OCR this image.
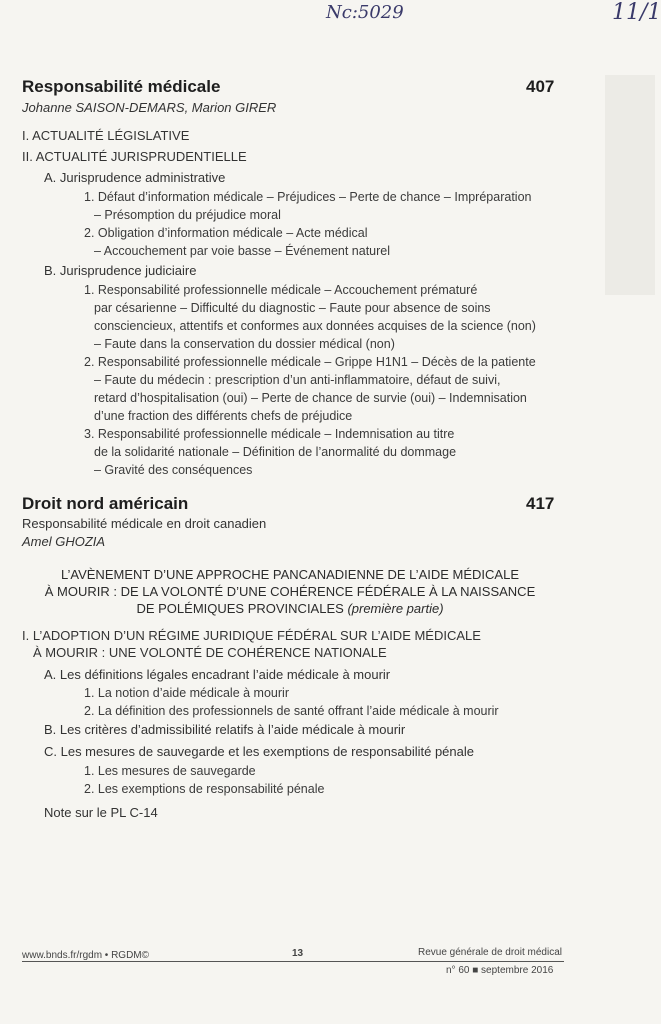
Nc:5029	11/1
Responsabilité médicale	407
Johanne SAISON-DEMARS, Marion GIRER
I. ACTUALITÉ LÉGISLATIVE
II. ACTUALITÉ JURISPRUDENTIELLE
A. Jurisprudence administrative
1. Défaut d’information médicale – Préjudices – Perte de chance – Impréparation
– Présomption du préjudice moral
2. Obligation d’information médicale – Acte médical
– Accouchement par voie basse – Événement naturel
B. Jurisprudence judiciaire
1. Responsabilité professionnelle médicale – Accouchement prématuré
par césarienne – Difficulté du diagnostic – Faute pour absence de soins
consciencieux, attentifs et conformes aux données acquises de la science (non)
– Faute dans la conservation du dossier médical (non)
2. Responsabilité professionnelle médicale – Grippe H1N1 – Décès de la patiente
– Faute du médecin : prescription d’un anti-inflammatoire, défaut de suivi,
retard d’hospitalisation (oui) – Perte de chance de survie (oui) – Indemnisation
d’une fraction des différents chefs de préjudice
3. Responsabilité professionnelle médicale – Indemnisation au titre
de la solidarité nationale – Définition de l’anormalité du dommage
– Gravité des conséquences
Droit nord américain	417
Responsabilité médicale en droit canadien
Amel GHOZIA
L’AVÈNEMENT D’UNE APPROCHE PANCANADIENNE DE L’AIDE MÉDICALE
À MOURIR : DE LA VOLONTÉ D’UNE COHÉRENCE FÉDÉRALE À LA NAISSANCE
DE POLÉMIQUES PROVINCIALES (première partie)
I. L’ADOPTION D’UN RÉGIME JURIDIQUE FÉDÉRAL SUR L’AIDE MÉDICALE
À MOURIR : UNE VOLONTÉ DE COHÉRENCE NATIONALE
A. Les définitions légales encadrant l’aide médicale à mourir
1. La notion d’aide médicale à mourir
2. La définition des professionnels de santé offrant l’aide médicale à mourir
B. Les critères d’admissibilité relatifs à l’aide médicale à mourir
C. Les mesures de sauvegarde et les exemptions de responsabilité pénale
1. Les mesures de sauvegarde
2. Les exemptions de responsabilité pénale
Note sur le PL C-14
www.bnds.fr/rgdm • RGDM©	13	Revue générale de droit médical
n° 60 ■ septembre 2016
